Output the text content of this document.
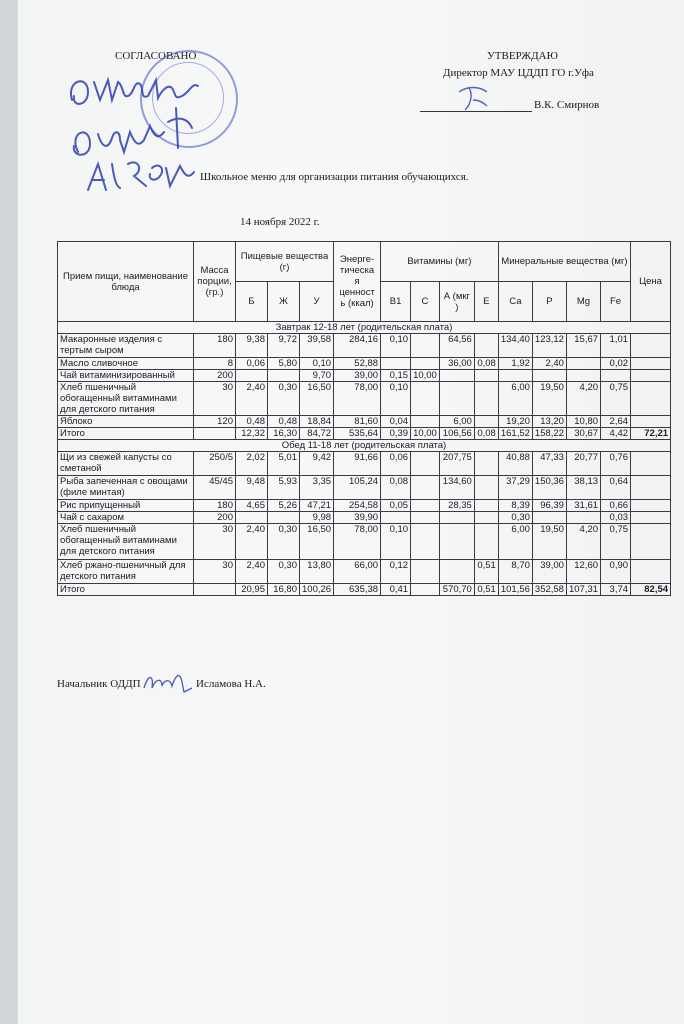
СОГЛАСОВАНО	УТВЕРЖДАЮ
Директор МАУ ЦДДП ГО г.Уфа
В.К. Смирнов
Школьное меню для организации питания обучающихся.
14 ноября 2022 г.
Прием пищи, наименование блюда	Масса порции, (гр.)	Пищевые вещества (г)			Энерге-тическа я ценност ь (ккал)	Витамины (мг)				Минеральные вещества (мг)				Цена
		Б	Ж	У		В1	С	А (мкг )	Е	Са	Р	Mg	Fe	
Завтрак 12-18 лет (родительская плата)														
Макаронные изделия с тертым сыром	180	9,38	9,72	39,58	284,16	0,10		64,56		134,40	123,12	15,67	1,01	
Масло сливочное	8	0,06	5,80	0,10	52,88			36,00	0,08	1,92	2,40		0,02	
Чай витаминизированный	200			9,70	39,00	0,15	10,00							
Хлеб пшеничный обогащенный витаминами для детского питания	30	2,40	0,30	16,50	78,00	0,10				6,00	19,50	4,20	0,75	
Яблоко	120	0,48	0,48	18,84	81,60	0,04		6,00		19,20	13,20	10,80	2,64	
Итого		12,32	16,30	84,72	535,64	0,39	10,00	106,56	0,08	161,52	158,22	30,67	4,42	72,21
Обед 11-18 лет (родительская плата)														
Щи из свежей капусты со сметаной	250/5	2,02	5,01	9,42	91,66	0,06		207,75		40,88	47,33	20,77	0,76	
Рыба запеченная с овощами (филе минтая)	45/45	9,48	5,93	3,35	105,24	0,08		134,60		37,29	150,36	38,13	0,64	
Рис припущенный	180	4,65	5,26	47,21	254,58	0,05		28,35		8,39	96,39	31,61	0,66	
Чай с сахаром	200			9,98	39,90					0,30			0,03	
Хлеб пшеничный обогащенный витаминами для детского питания	30	2,40	0,30	16,50	78,00	0,10				6,00	19,50	4,20	0,75	
Хлеб ржано-пшеничный для детского питания	30	2,40	0,30	13,80	66,00	0,12			0,51	8,70	39,00	12,60	0,90	
Итого		20,95	16,80	100,26	635,38	0,41		570,70	0,51	101,56	352,58	107,31	3,74	82,54
Начальник ОДДП	Исламова Н.А.
